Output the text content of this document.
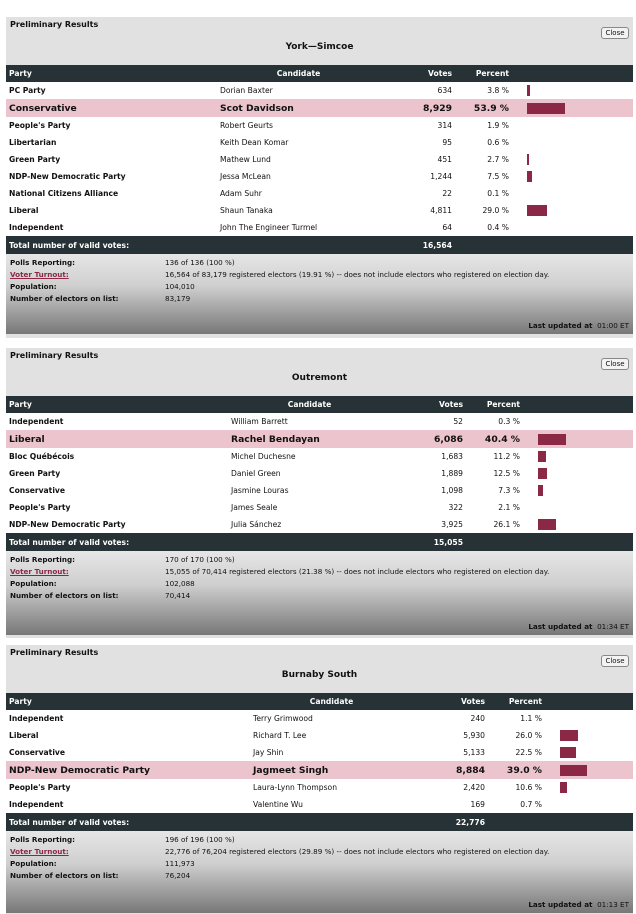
Preliminary Results
York—Simcoe
Close
Party	Candidate	Votes	Percent	
PC Party	Dorian Baxter	634	3.8 %	

Conservative	Scot Davidson	8,929	53.9 %	

People's Party	Robert Geurts	314	1.9 %	
Libertarian	Keith Dean Komar	95	0.6 %	
Green Party	Mathew Lund	451	2.7 %	

NDP-New Democratic Party	Jessa McLean	1,244	7.5 %	

National Citizens Alliance	Adam Suhr	22	0.1 %	
Liberal	Shaun Tanaka	4,811	29.0 %	

Independent	John The Engineer Turmel	64	0.4 %	
Total number of valid votes:		16,564		
Polls Reporting:	136 of 136 (100 %)
Voter Turnout:	16,564 of 83,179 registered electors (19.91 %) -- does not include electors who registered on election day.
Population:	104,010
Number of electors on list:	83,179
Last updated at 01:00 ET
Preliminary Results
Outremont
Close
Party	Candidate	Votes	Percent	
Independent	William Barrett	52	0.3 %	
Liberal	Rachel Bendayan	6,086	40.4 %	

Bloc Québécois	Michel Duchesne	1,683	11.2 %	

Green Party	Daniel Green	1,889	12.5 %	

Conservative	Jasmine Louras	1,098	7.3 %	

People's Party	James Seale	322	2.1 %	
NDP-New Democratic Party	Julia Sánchez	3,925	26.1 %	

Total number of valid votes:		15,055		
Polls Reporting:	170 of 170 (100 %)
Voter Turnout:	15,055 of 70,414 registered electors (21.38 %) -- does not include electors who registered on election day.
Population:	102,088
Number of electors on list:	70,414
Last updated at 01:34 ET
Preliminary Results
Burnaby South
Close
Party	Candidate	Votes	Percent	
Independent	Terry Grimwood	240	1.1 %	
Liberal	Richard T. Lee	5,930	26.0 %	

Conservative	Jay Shin	5,133	22.5 %	

NDP-New Democratic Party	Jagmeet Singh	8,884	39.0 %	

People's Party	Laura-Lynn Thompson	2,420	10.6 %	

Independent	Valentine Wu	169	0.7 %	
Total number of valid votes:		22,776		
Polls Reporting:	196 of 196 (100 %)
Voter Turnout:	22,776 of 76,204 registered electors (29.89 %) -- does not include electors who registered on election day.
Population:	111,973
Number of electors on list:	76,204
Last updated at 01:13 ET
